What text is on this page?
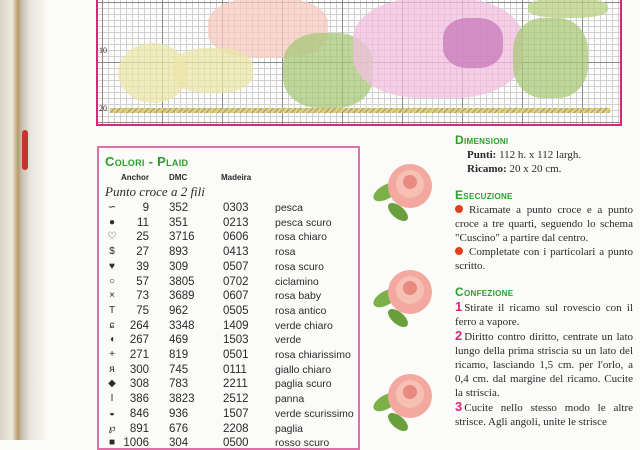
10
20
Colori - Plaid
Anchor	DMC	Madeira
Punto croce a 2 fili
∽	9 352	0303	pesca
●	11 351	0213	pesca scuro
♡	25 3716 0606	rosa chiaro
$	27 893	0413	rosa
♥	39 309	0507	rosa scuro
○	57 3805 0702	ciclamino
×	73 3689 0607	rosa baby
T	75 962	0505	rosa antico
ɕ	264 3348 1409	verde chiaro
◖	267 469	1503	verde
+	271 819	0501	rosa chiarissimo
я	300 745	0111	giallo chiaro
◆	308 783	2211	paglia scuro
I	386 3823 2512	panna
◒	846 936	1507	verde scurissimo
℘	891 676	2208	paglia
■ 1006 304	0500	rosso scuro
Dimensioni

Punti: 112 h. x 112 largh.

Ricamo: 20 x 20 cm.

Esecuzione

Ricamate a punto croce e a punto croce a tre quarti, seguendo lo schema "Cuscino" a partire dal centro.

Completate con i particolari a punto scritto.

Confezione

1 Stirate il ricamo sul rovescio con il ferro a vapore.

2 Diritto contro diritto, centrate un lato lungo della prima striscia su un lato del ricamo, lasciando 1,5 cm. per l'orlo, a 0,4 cm. dal margine del ricamo. Cucite la striscia.

3 Cucite nello stesso modo le altre strisce. Agli angoli, unite le strisce
